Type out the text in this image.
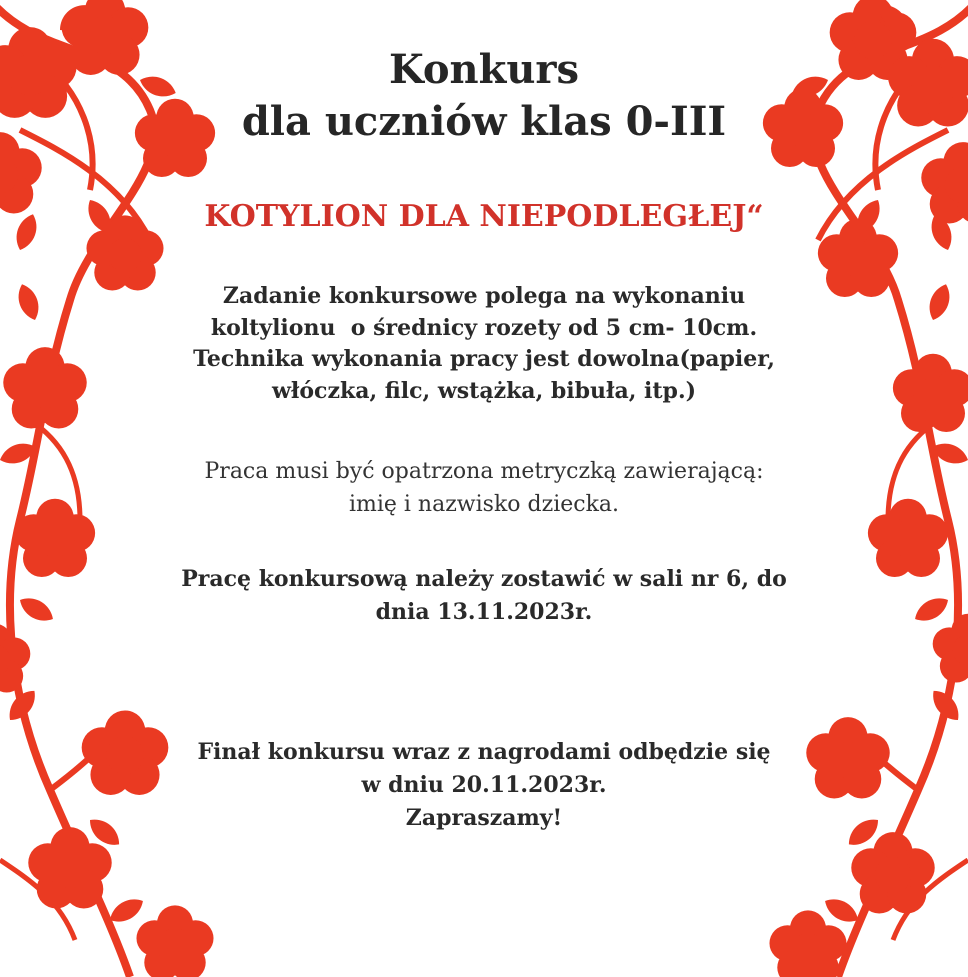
Konkurs
dla uczniów klas 0-III
KOTYLION DLA NIEPODLEGŁEJ“
Zadanie konkursowe polega na wykonaniu
koltylionu  o średnicy rozety od 5 cm- 10cm.
Technika wykonania pracy jest dowolna(papier,
włóczka, filc, wstążka, bibuła, itp.)
Praca musi być opatrzona metryczką zawierającą:
imię i nazwisko dziecka.
Pracę konkursową należy zostawić w sali nr 6, do
dnia 13.11.2023r.
Finał konkursu wraz z nagrodami odbędzie się
w dniu 20.11.2023r.
Zapraszamy!
